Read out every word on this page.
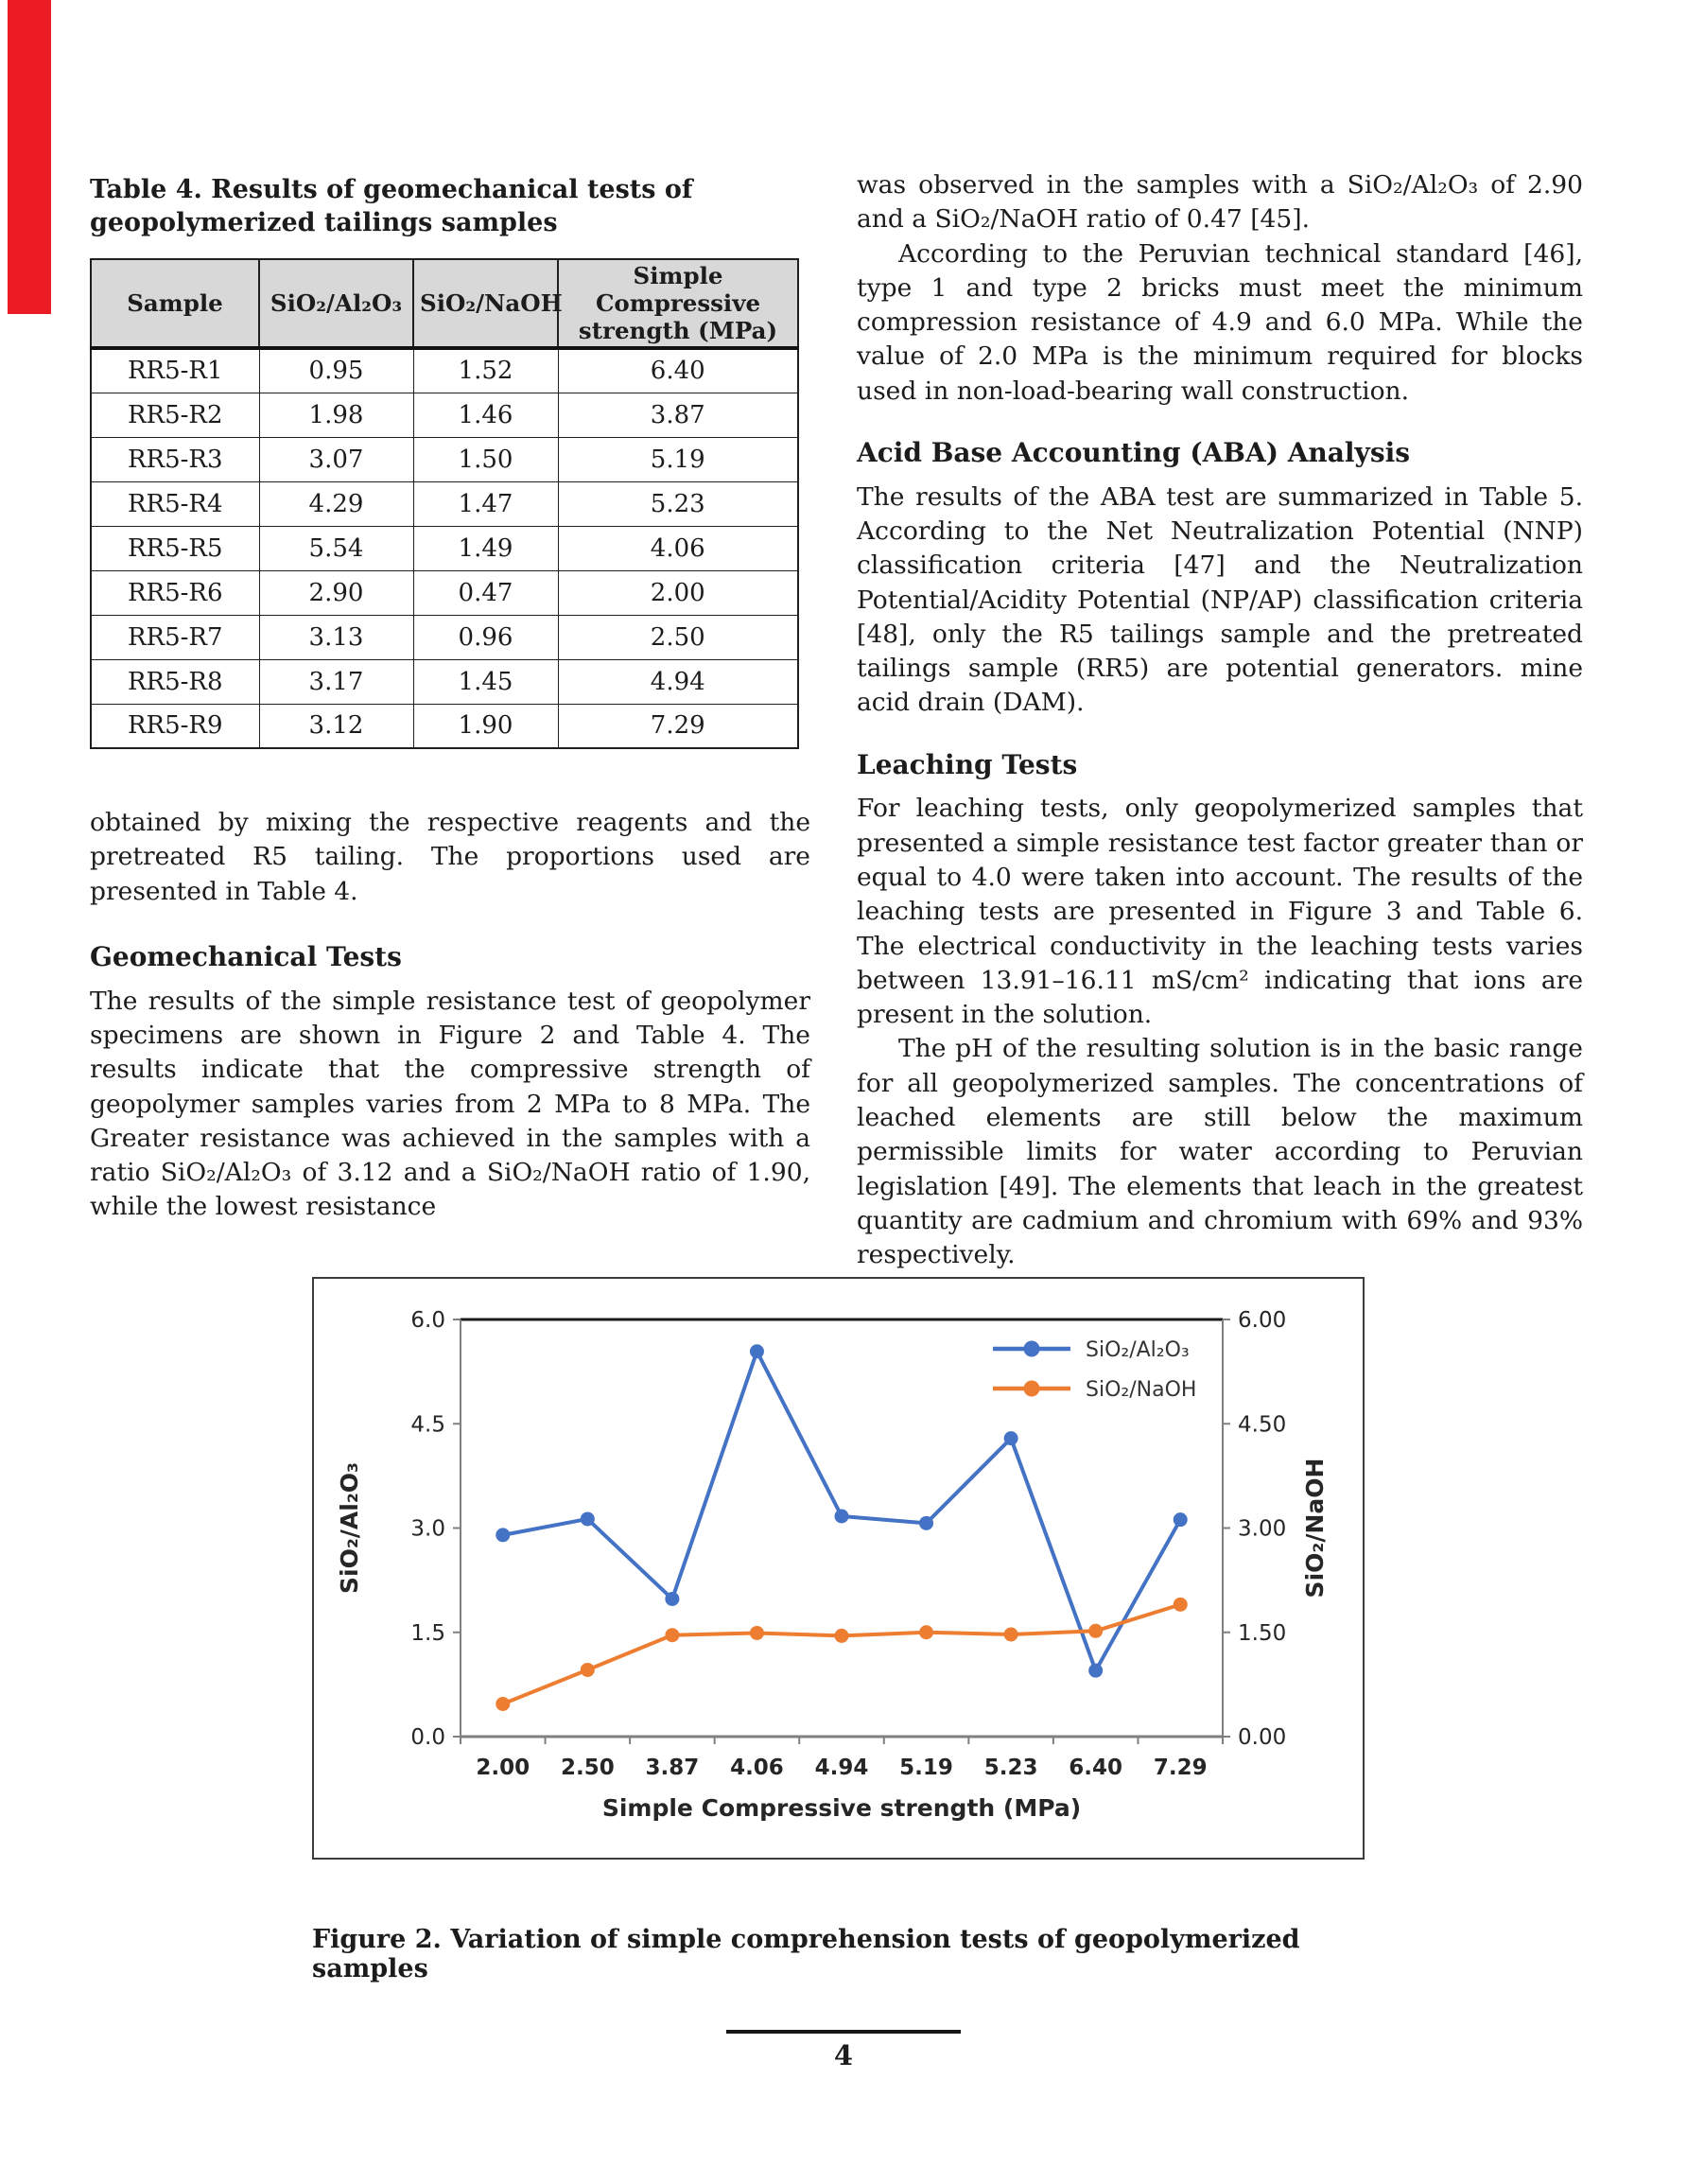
Table 4. Results of geomechanical tests of geopolymerized tailings samples

Sample	SiO₂/Al₂O₃	SiO₂/NaOH	Simple Compressive strength (MPa)
RR5-R1	0.95	1.52	6.40
RR5-R2	1.98	1.46	3.87
RR5-R3	3.07	1.50	5.19
RR5-R4	4.29	1.47	5.23
RR5-R5	5.54	1.49	4.06
RR5-R6	2.90	0.47	2.00
RR5-R7	3.13	0.96	2.50
RR5-R8	3.17	1.45	4.94
RR5-R9	3.12	1.90	7.29

obtained by mixing the respective reagents and the pretreated R5 tailing. The proportions used are presented in Table 4.

Geomechanical Tests

The results of the simple resistance test of geopolymer specimens are shown in Figure 2 and Table 4. The results indicate that the compressive strength of geopolymer samples varies from 2 MPa to 8 MPa. The Greater resistance was achieved in the samples with a ratio SiO₂/Al₂O₃ of 3.12 and a SiO₂/NaOH ratio of 1.90, while the lowest resistance

was observed in the samples with a SiO₂/Al₂O₃ of 2.90 and a SiO₂/NaOH ratio of 0.47 [45].

According to the Peruvian technical standard [46], type 1 and type 2 bricks must meet the minimum compression resistance of 4.9 and 6.0 MPa. While the value of 2.0 MPa is the minimum required for blocks used in non-load-bearing wall construction.

Acid Base Accounting (ABA) Analysis

The results of the ABA test are summarized in Table 5. According to the Net Neutralization Potential (NNP) classification criteria [47] and the Neutralization Potential/Acidity Potential (NP/AP) classification criteria [48], only the R5 tailings sample and the pretreated tailings sample (RR5) are potential generators. mine acid drain (DAM).

Leaching Tests

For leaching tests, only geopolymerized samples that presented a simple resistance test factor greater than or equal to 4.0 were taken into account. The results of the leaching tests are presented in Figure 3 and Table 6. The electrical conductivity in the leaching tests varies between 13.91–16.11 mS/cm² indicating that ions are present in the solution.

The pH of the resulting solution is in the basic range for all geopolymerized samples. The concentrations of leached elements are still below the maximum permissible limits for water according to Peruvian legislation [49]. The elements that leach in the greatest quantity are cadmium and chromium with 69% and 93% respectively.

0.0	0.00
1.5	1.50
3.0	3.00
4.5	4.50
6.0	6.00
2.00 2.50 3.87 4.06 4.94 5.19 5.23 6.40 7.29
Simple Compressive strength (MPa)
SiO₂/Al₂O₃	SiO₂/NaOH
SiO₂/Al₂O₃
SiO₂/NaOH

Figure 2. Variation of simple comprehension tests of geopolymerized samples

4
